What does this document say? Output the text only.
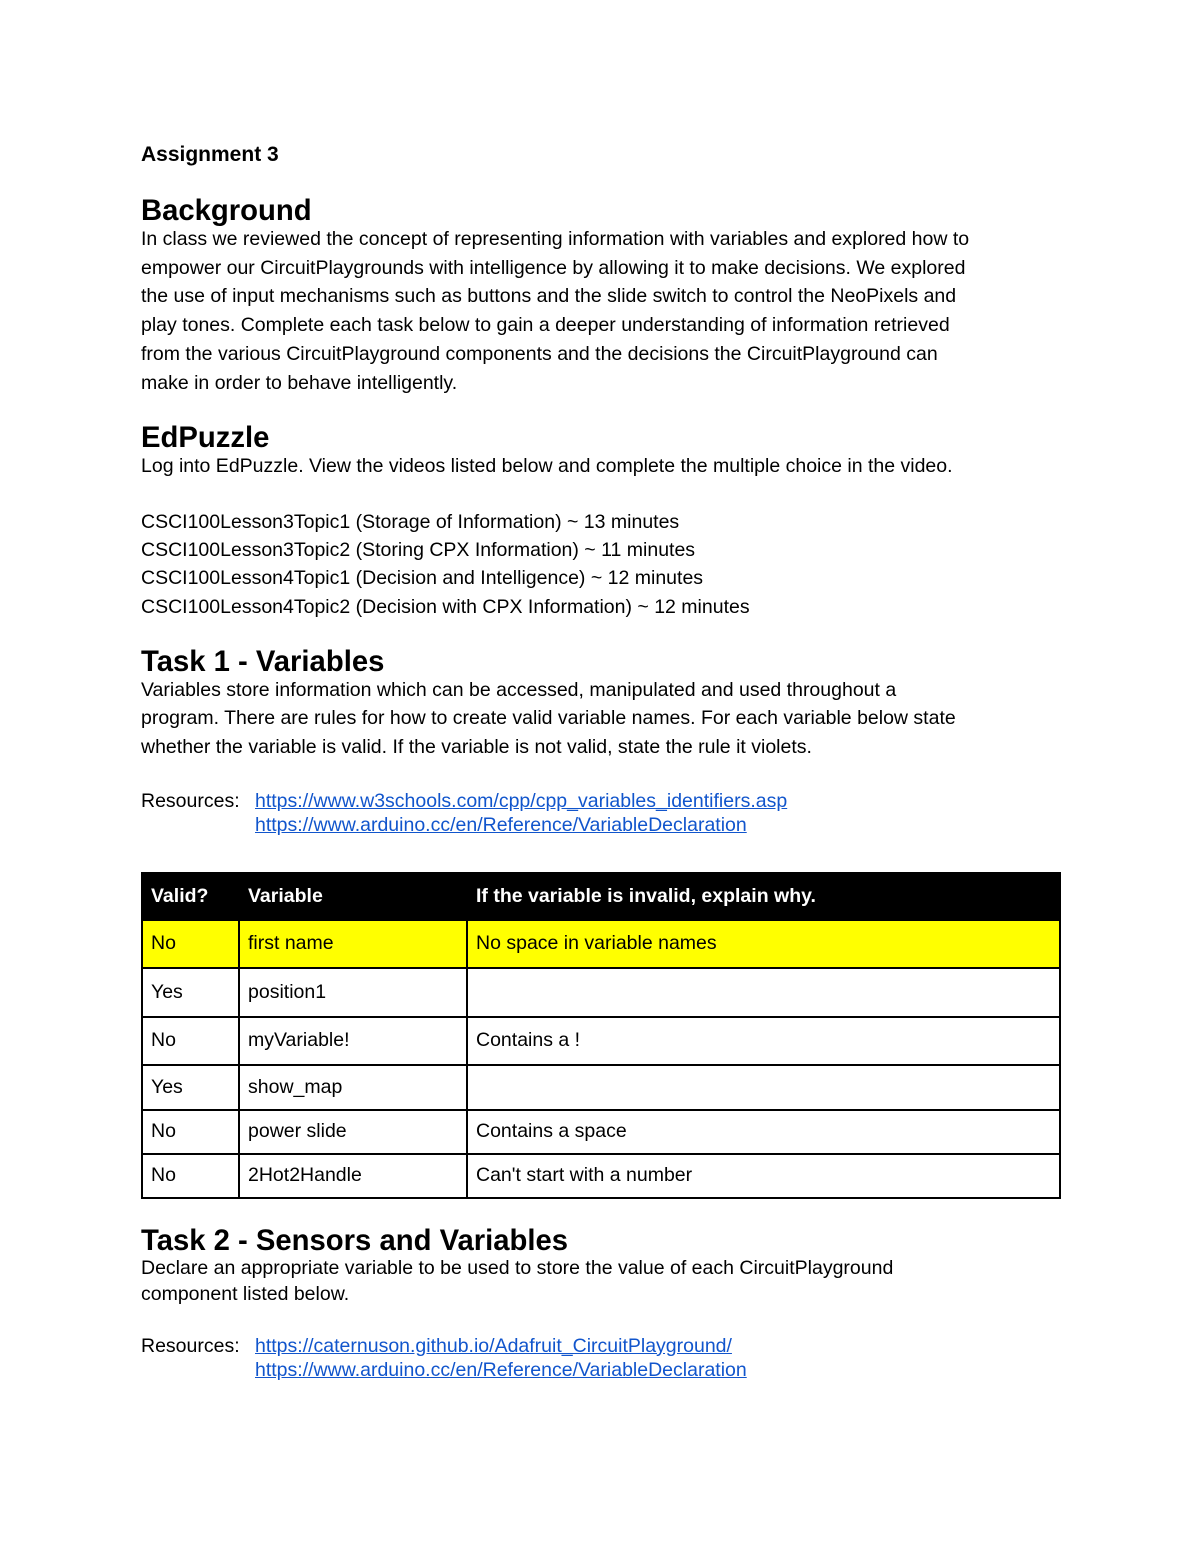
Assignment 3
Background

In class we reviewed the concept of representing information with variables and explored how to

empower our CircuitPlaygrounds with intelligence by allowing it to make decisions. We explored

the use of input mechanisms such as buttons and the slide switch to control the NeoPixels and

play tones. Complete each task below to gain a deeper understanding of information retrieved

from the various CircuitPlayground components and the decisions the CircuitPlayground can

make in order to behave intelligently.

EdPuzzle

Log into EdPuzzle. View the videos listed below and complete the multiple choice in the video.

CSCI100Lesson3Topic1 (Storage of Information) ~ 13 minutes
CSCI100Lesson3Topic2 (Storing CPX Information) ~ 11 minutes
CSCI100Lesson4Topic1 (Decision and Intelligence) ~ 12 minutes
CSCI100Lesson4Topic2 (Decision with CPX Information) ~ 12 minutes
Task 1 - Variables

Variables store information which can be accessed, manipulated and used throughout a

program. There are rules for how to create valid variable names. For each variable below state

whether the variable is valid. If the variable is not valid, state the rule it violets.

Resources: https://www.w3schools.com/cpp/cpp_variables_identifiers.asp
https://www.arduino.cc/en/Reference/VariableDeclaration
Valid?	Variable	If the variable is invalid, explain why.
No	first name	No space in variable names
Yes	position1	
No	myVariable!	Contains a !
Yes	show_map	
No	power slide	Contains a space
No	2Hot2Handle	Can't start with a number
Task 2 - Sensors and Variables

Declare an appropriate variable to be used to store the value of each CircuitPlayground

component listed below.

Resources: https://caternuson.github.io/Adafruit_CircuitPlayground/
https://www.arduino.cc/en/Reference/VariableDeclaration
